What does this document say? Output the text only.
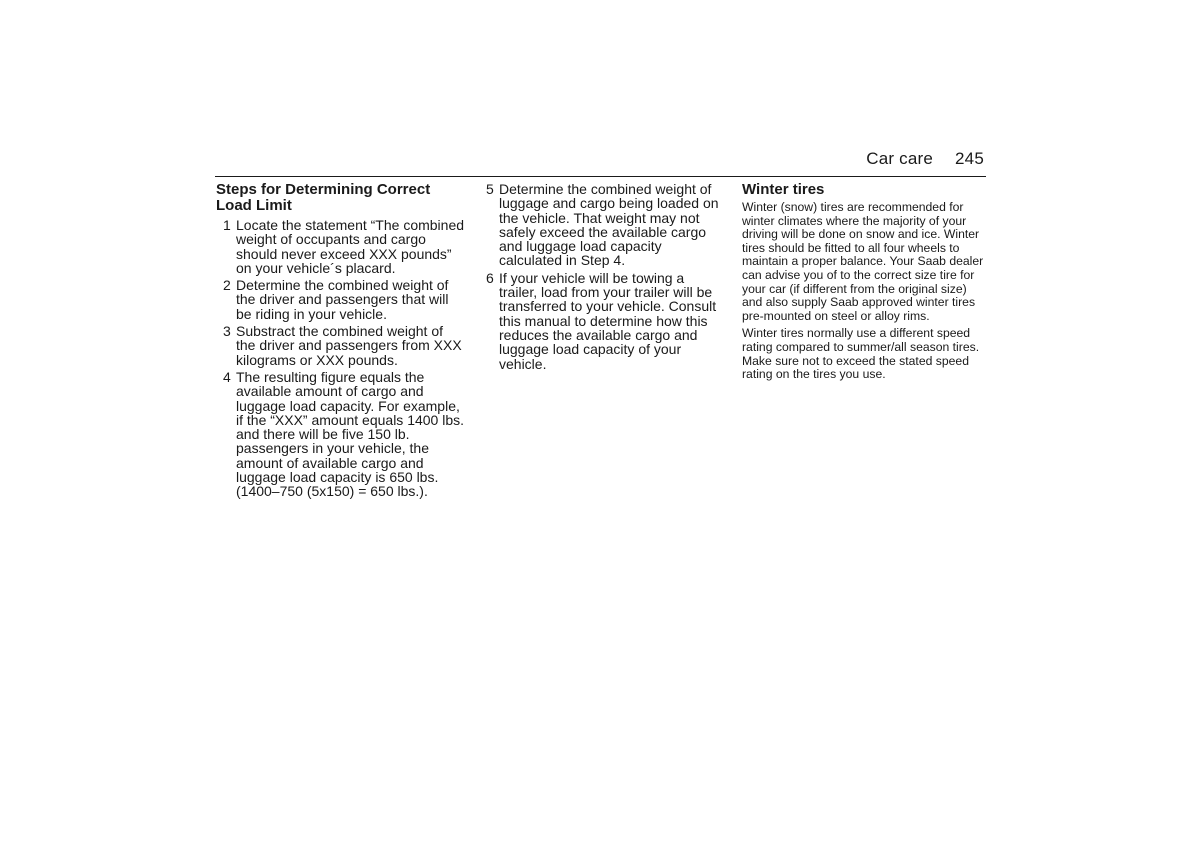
Car care 245
Steps for Determining Correct Load Limit
1 Locate the statement “The combined weight of occupants and cargo should never exceed XXX pounds” on your vehicle´s placard.
2 Determine the combined weight of the driver and passengers that will be riding in your vehicle.
3 Substract the combined weight of the driver and passengers from XXX kilograms or XXX pounds.
4 The resulting figure equals the available amount of cargo and luggage load capacity. For example, if the “XXX” amount equals 1400 lbs. and there will be five 150 lb. passengers in your vehicle, the amount of available cargo and luggage load capacity is 650 lbs. (1400–750 (5x150) = 650 lbs.).
5 Determine the combined weight of luggage and cargo being loaded on the vehicle. That weight may not safely exceed the available cargo and luggage load capacity calculated in Step 4.
6 If your vehicle will be towing a trailer, load from your trailer will be transferred to your vehicle. Consult this manual to determine how this reduces the available cargo and luggage load capacity of your vehicle.
Winter tires

Winter (snow) tires are recommended for winter climates where the majority of your driving will be done on snow and ice. Winter tires should be fitted to all four wheels to maintain a proper balance. Your Saab dealer can advise you of to the correct size tire for your car (if different from the original size) and also supply Saab approved winter tires pre-mounted on steel or alloy rims.

Winter tires normally use a different speed rating compared to summer/all season tires. Make sure not to exceed the stated speed rating on the tires you use.
